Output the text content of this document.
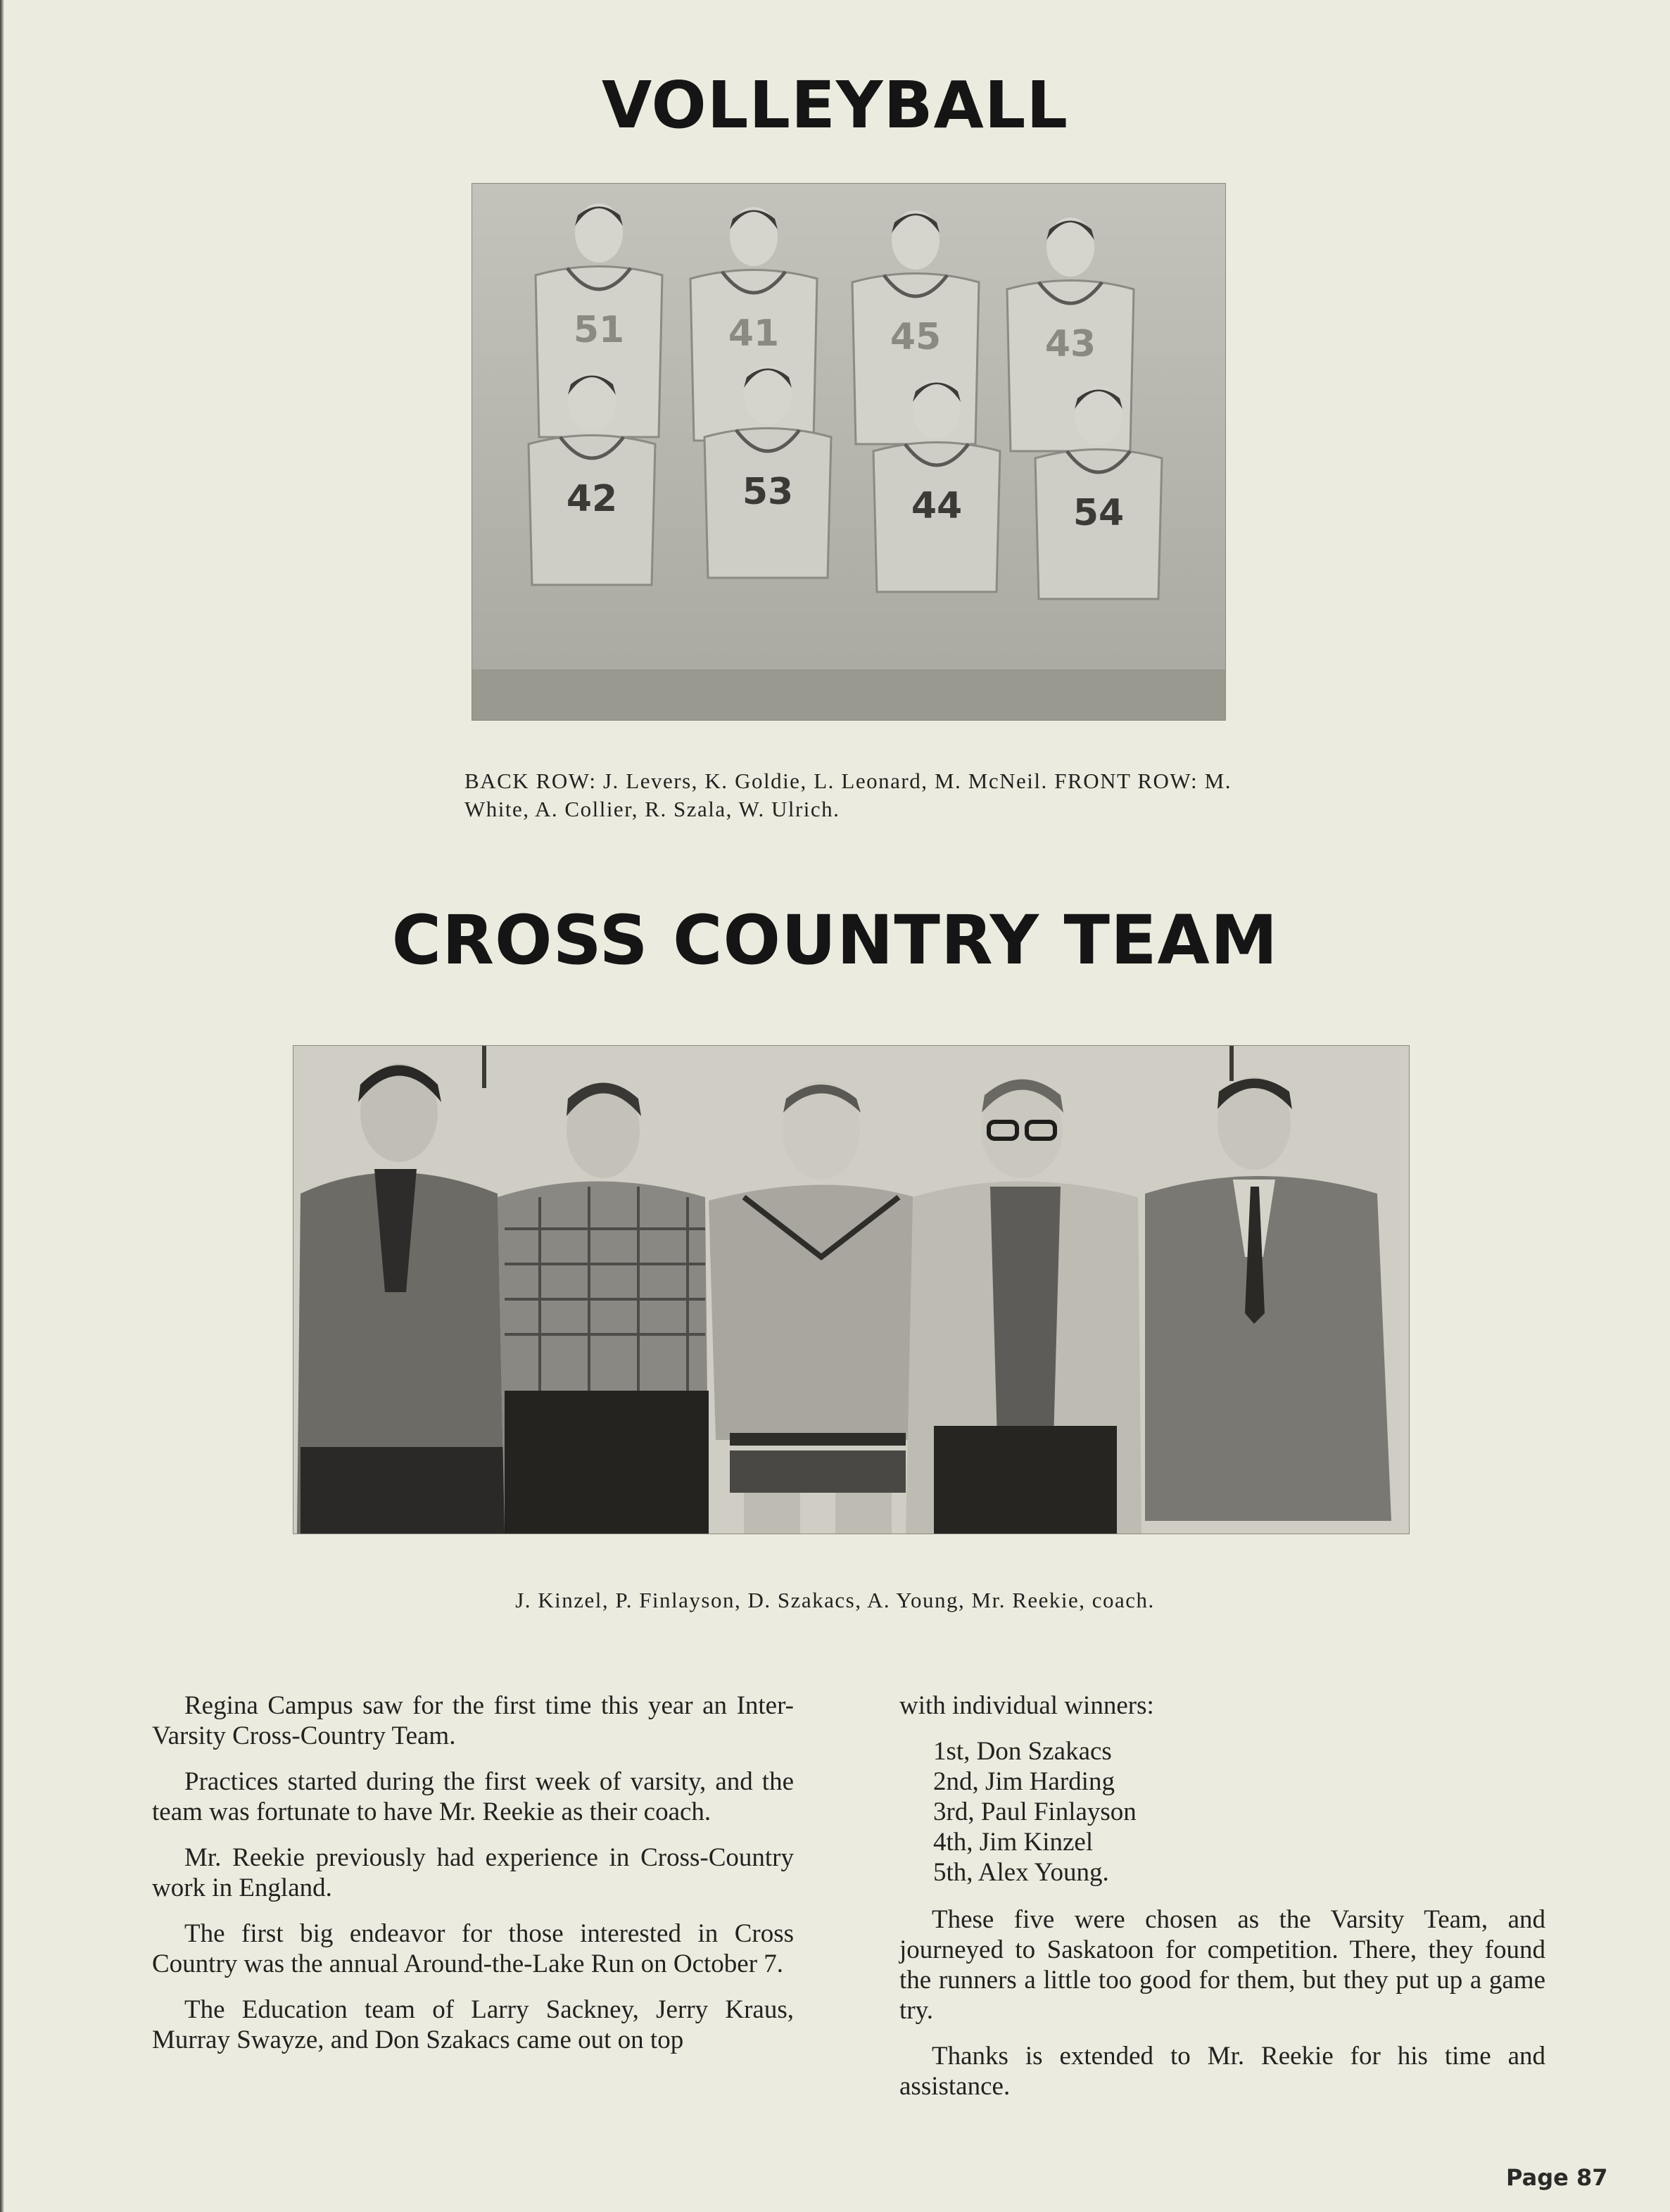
VOLLEYBALL
51	41	45	43
42	53	44	54

BACK ROW: J. Levers, K. Goldie, L. Leonard, M. McNeil. FRONT ROW: M. White, A. Collier, R. Szala, W. Ulrich.

CROSS COUNTRY TEAM

J. Kinzel, P. Finlayson, D. Szakacs, A. Young, Mr. Reekie, coach.

Regina Campus saw for the first time this year an Inter-Varsity Cross-Country Team.

Practices started during the first week of varsity, and the team was fortunate to have Mr. Reekie as their coach.

Mr. Reekie previously had experience in Cross-Country work in England.

The first big endeavor for those interested in Cross Country was the annual Around-the-Lake Run on October 7.

The Education team of Larry Sackney, Jerry Kraus, Murray Swayze, and Don Szakacs came out on top

with individual winners:

1st, Don Szakacs
2nd, Jim Harding
3rd, Paul Finlayson
4th, Jim Kinzel
5th, Alex Young.

These five were chosen as the Varsity Team, and journeyed to Saskatoon for competition. There, they found the runners a little too good for them, but they put up a game try.

Thanks is extended to Mr. Reekie for his time and assistance.

Page 87
